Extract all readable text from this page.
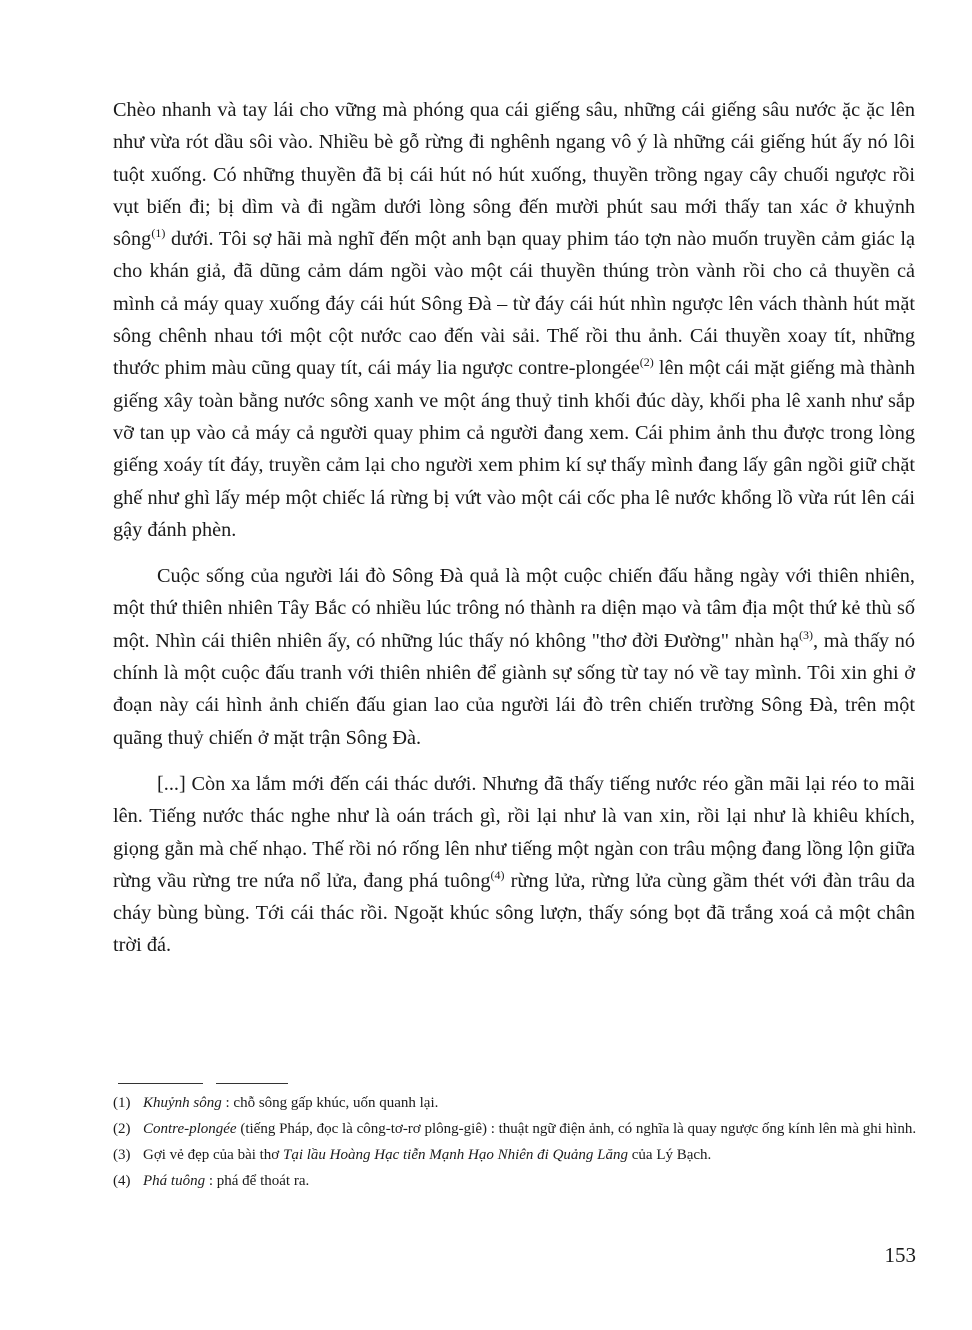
Chèo nhanh và tay lái cho vững mà phóng qua cái giếng sâu, những cái giếng sâu nước ặc ặc lên như vừa rót dầu sôi vào. Nhiều bè gỗ rừng đi nghênh ngang vô ý là những cái giếng hút ấy nó lôi tuột xuống. Có những thuyền đã bị cái hút nó hút xuống, thuyền trồng ngay cây chuối ngược rồi vụt biến đi; bị dìm và đi ngầm dưới lòng sông đến mười phút sau mới thấy tan xác ở khuỷnh sông$^{(1)}$ dưới. Tôi sợ hãi mà nghĩ đến một anh bạn quay phim táo tợn nào muốn truyền cảm giác lạ cho khán giả, đã dũng cảm dám ngồi vào một cái thuyền thúng tròn vành rồi cho cả thuyền cả mình cả máy quay xuống đáy cái hút Sông Đà – từ đáy cái hút nhìn ngược lên vách thành hút mặt sông chênh nhau tới một cột nước cao đến vài sải. Thế rồi thu ảnh. Cái thuyền xoay tít, những thước phim màu cũng quay tít, cái máy lia ngược contre-plongée$^{(2)}$ lên một cái mặt giếng mà thành giếng xây toàn bằng nước sông xanh ve một áng thuỷ tinh khối đúc dày, khối pha lê xanh như sắp vỡ tan ụp vào cả máy cả người quay phim cả người đang xem. Cái phim ảnh thu được trong lòng giếng xoáy tít đáy, truyền cảm lại cho người xem phim kí sự thấy mình đang lấy gân ngồi giữ chặt ghế như ghì lấy mép một chiếc lá rừng bị vứt vào một cái cốc pha lê nước khổng lồ vừa rút lên cái gậy đánh phèn.

Cuộc sống của người lái đò Sông Đà quả là một cuộc chiến đấu hằng ngày với thiên nhiên, một thứ thiên nhiên Tây Bắc có nhiều lúc trông nó thành ra diện mạo và tâm địa một thứ kẻ thù số một. Nhìn cái thiên nhiên ấy, có những lúc thấy nó không "thơ đời Đường" nhàn hạ$^{(3)}$, mà thấy nó chính là một cuộc đấu tranh với thiên nhiên để giành sự sống từ tay nó về tay mình. Tôi xin ghi ở đoạn này cái hình ảnh chiến đấu gian lao của người lái đò trên chiến trường Sông Đà, trên một quãng thuỷ chiến ở mặt trận Sông Đà.

[...] Còn xa lắm mới đến cái thác dưới. Nhưng đã thấy tiếng nước réo gần mãi lại réo to mãi lên. Tiếng nước thác nghe như là oán trách gì, rồi lại như là van xin, rồi lại như là khiêu khích, giọng gằn mà chế nhạo. Thế rồi nó rống lên như tiếng một ngàn con trâu mộng đang lồng lộn giữa rừng vầu rừng tre nứa nổ lửa, đang phá tuông$^{(4)}$ rừng lửa, rừng lửa cùng gầm thét với đàn trâu da cháy bùng bùng. Tới cái thác rồi. Ngoặt khúc sông lượn, thấy sóng bọt đã trắng xoá cả một chân trời đá.

(1) Khuỷnh sông : chỗ sông gấp khúc, uốn quanh lại.

(2) Contre-plongée (tiếng Pháp, đọc là công-tơ-rơ plông-giê) : thuật ngữ điện ảnh, có nghĩa là quay ngược ống kính lên mà ghi hình.

(3) Gợi vẻ đẹp của bài thơ Tại lầu Hoàng Hạc tiễn Mạnh Hạo Nhiên đi Quảng Lăng của Lý Bạch.

(4) Phá tuông : phá để thoát ra.

153
